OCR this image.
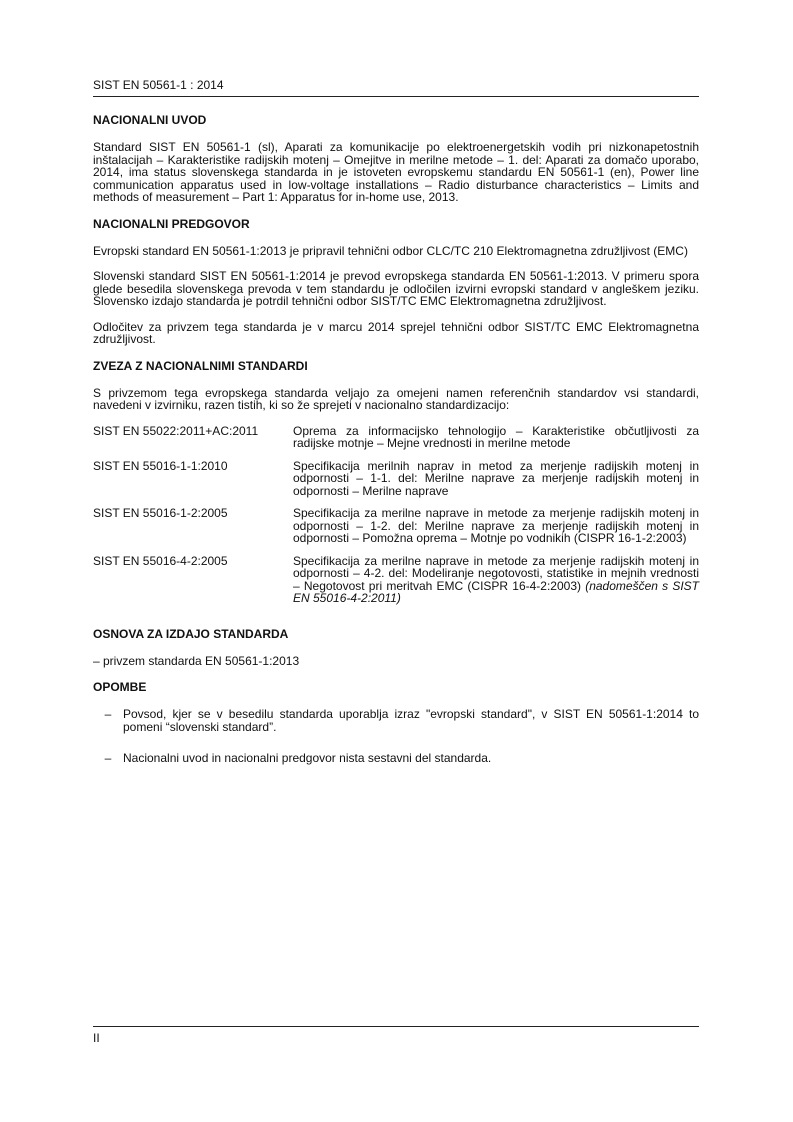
SIST EN 50561-1 : 2014
NACIONALNI UVOD

Standard SIST EN 50561-1 (sl), Aparati za komunikacije po elektroenergetskih vodih pri nizkonapetostnih inštalacijah – Karakteristike radijskih motenj – Omejitve in merilne metode – 1. del: Aparati za domačo uporabo, 2014, ima status slovenskega standarda in je istoveten evropskemu standardu EN 50561-1 (en), Power line communication apparatus used in low-voltage installations – Radio disturbance characteristics – Limits and methods of measurement – Part 1: Apparatus for in-home use, 2013.

NACIONALNI PREDGOVOR

Evropski standard EN 50561-1:2013 je pripravil tehnični odbor CLC/TC 210 Elektromagnetna združljivost (EMC)

Slovenski standard SIST EN 50561-1:2014 je prevod evropskega standarda EN 50561-1:2013. V primeru spora glede besedila slovenskega prevoda v tem standardu je odločilen izvirni evropski standard v angleškem jeziku. Slovensko izdajo standarda je potrdil tehnični odbor SIST/TC EMC Elektromagnetna združljivost.

Odločitev za privzem tega standarda je v marcu 2014 sprejel tehnični odbor SIST/TC EMC Elektromagnetna združljivost.

ZVEZA Z NACIONALNIMI STANDARDI

S privzemom tega evropskega standarda veljajo za omejeni namen referenčnih standardov vsi standardi, navedeni v izvirniku, razen tistih, ki so že sprejeti v nacionalno standardizacijo:

SIST EN 55022:2011+AC:2011	Oprema za informacijsko tehnologijo – Karakteristike občutljivosti za radijske motnje – Mejne vrednosti in merilne metode
SIST EN 55016-1-1:2010	Specifikacija merilnih naprav in metod za merjenje radijskih motenj in odpornosti – 1-1. del: Merilne naprave za merjenje radijskih motenj in odpornosti – Merilne naprave
SIST EN 55016-1-2:2005	Specifikacija za merilne naprave in metode za merjenje radijskih motenj in odpornosti – 1-2. del: Merilne naprave za merjenje radijskih motenj in odpornosti – Pomožna oprema – Motnje po vodnikih (CISPR 16-1-2:2003)
SIST EN 55016-4-2:2005	Specifikacija za merilne naprave in metode za merjenje radijskih motenj in odpornosti – 4-2. del: Modeliranje negotovosti, statistike in mejnih vrednosti – Negotovost pri meritvah EMC (CISPR 16-4-2:2003) (nadomeščen s SIST EN 55016-4-2:2011)
OSNOVA ZA IZDAJO STANDARDA

– privzem standarda EN 50561-1:2013

OPOMBE
– Povsod, kjer se v besedilu standarda uporablja izraz "evropski standard", v SIST EN 50561-1:2014 to pomeni “slovenski standard”.
– Nacionalni uvod in nacionalni predgovor nista sestavni del standarda.
II
